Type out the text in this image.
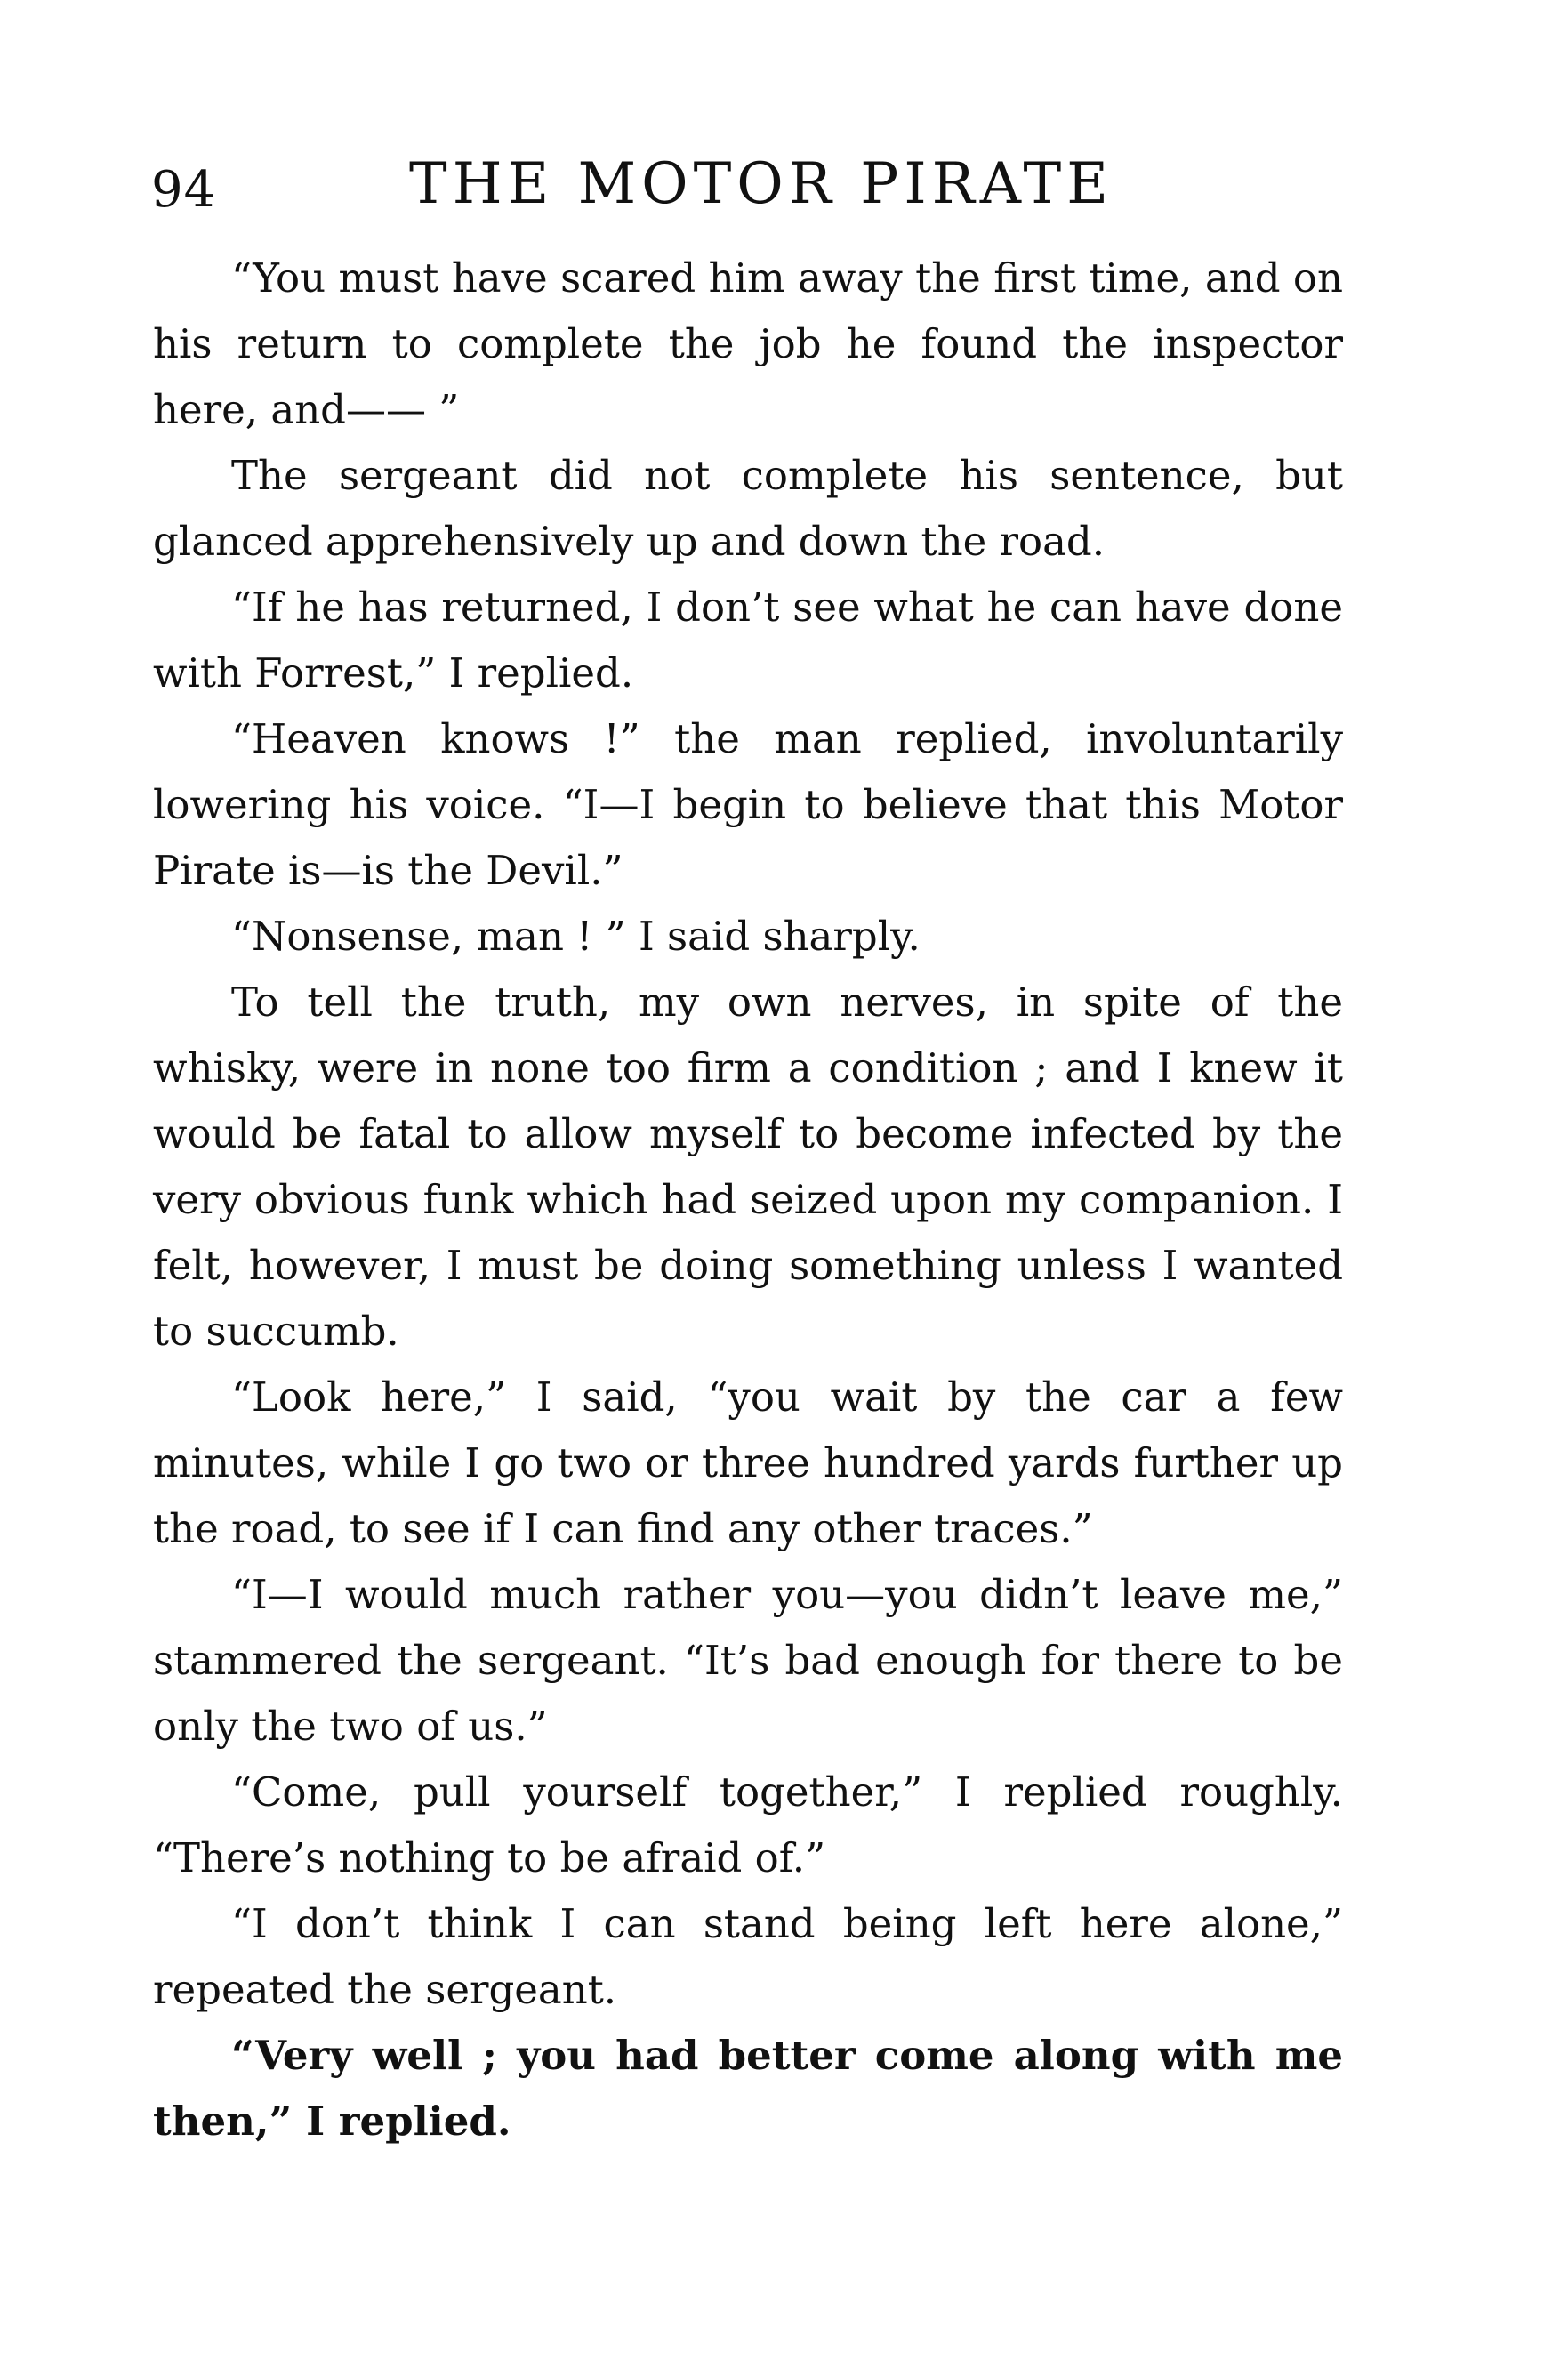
94	THE MOTOR PIRATE

“You must have scared him away the first time, and on his return to complete the job he found the inspector here, and—— ”

The sergeant did not complete his sentence, but glanced apprehensively up and down the road.

“If he has returned, I don’t see what he can have done with Forrest,” I replied.

“Heaven knows !” the man replied, involuntarily lowering his voice. “I—I begin to believe that this Motor Pirate is—is the Devil.”

“Nonsense, man ! ” I said sharply.

To tell the truth, my own nerves, in spite of the whisky, were in none too firm a condition ; and I knew it would be fatal to allow myself to become infected by the very obvious funk which had seized upon my companion. I felt, however, I must be doing something unless I wanted to succumb.

“Look here,” I said, “you wait by the car a few minutes, while I go two or three hundred yards further up the road, to see if I can find any other traces.”

“I—I would much rather you—you didn’t leave me,” stammered the sergeant. “It’s bad enough for there to be only the two of us.”

“Come, pull yourself together,” I replied roughly. “There’s nothing to be afraid of.”

“I don’t think I can stand being left here alone,” repeated the sergeant.

“Very well ; you had better come along with me then,” I replied.
